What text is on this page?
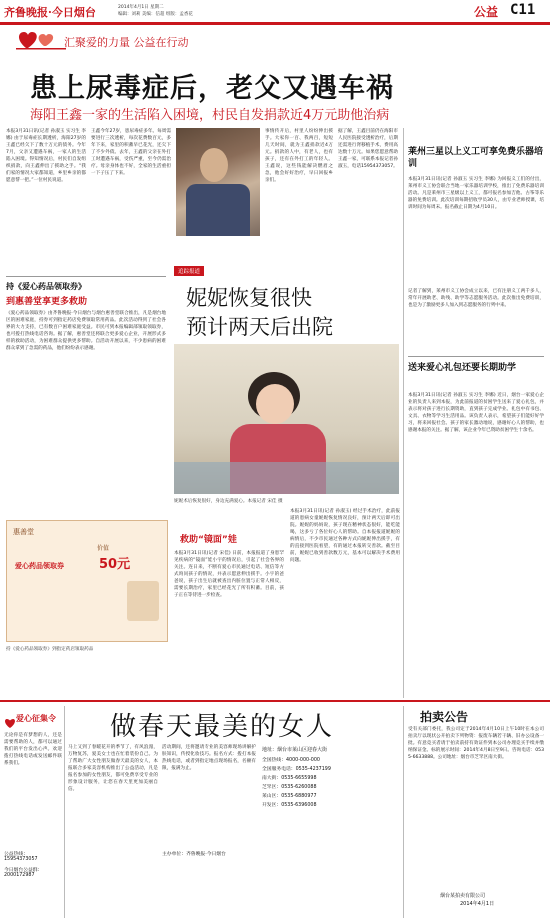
齐鲁晚报·今日烟台	2014年4月1日 星期二
编辑：刘莉 美编：信超 组版：孟香花	公益 C11
汇聚爱的力量 公益在行动
患上尿毒症后，老父又遇车祸
海阳王鑫一家的生活陷入困境，村民自发捐款近4万元助他治病
本报3月31日讯(记者 孙淑玉 实习生 李娜) 由于尿毒症长期透析，海阳27岁的王鑫已经欠下了数十万元的债务。今年7月，父亲又遭遇车祸，一家人的生活陷入困境。得知情况后，村民们自发组织捐款，向王鑫伸出了援助之手。“我们家的情况大家都知道，乡里乡亲的都愿意帮一把。”一位村民说道。
王鑫今年27岁，患尿毒症多年。每周需要进行三次透析，每次花费数百元，多年下来，家里的积蓄早已花光，还欠下了不少外债。去年，王鑫的父亲在外打工时遭遇车祸，受伤严重，至今仍需治疗。母亲身体也不好，全家的生活重担一下子压了下来。
事情传开后，村里人纷纷伸出援手。大家你一百、我两百，短短几天时间，就为王鑫捐款近4万元。捐款的人中，有老人，也有孩子，还有在外打工的年轻人。王鑫说，这些钱能解决燃眉之急，他会好好治疗，早日回报乡亲们。
据了解，王鑫目前仍在海阳市人民医院接受透析治疗，后期还需进行肾移植手术，费用高达数十万元。如果您愿意帮助王鑫一家，可联系本报记者孙淑玉，电话15954373057。
持《爱心药品领取券》
到惠善堂享更多救助
《爱心药品领取券》由齐鲁晚报·今日烟台与烟台惠善堂联合推出，凡是烟台地区的困难家庭，持券可到指定药店免费领取常用药品。此次活动得到了社会各界的大力支持，已有数百户困难家庭受益。市民可到本报编辑部领取领取券，也可拨打热线电话咨询。据了解，惠善堂还将联合更多爱心企业，开展形式多样的救助活动，为困难群众提供更多帮助。自活动开展以来，不少患病的困难群众拿到了急需的药品，他们纷纷表示感谢。
惠善堂
爱心药品领取券
价值
50元
持《爱心药品领取券》到指定药店领取药品
追踪报道
妮妮恢复很快
预计两天后出院
妮妮术后恢复很好，身边充满爱心。本报记者 宋佳 摄
本报3月31日讯(记者 孙淑玉) 经过手术治疗，此前报道的患病女童妮妮恢复情况良好，预计两天后即可出院。妮妮的妈妈说，孩子现在精神状态很好，能吃能喝，这多亏了各位好心人的帮助。自本报报道妮妮的病情后，不少市民通过各种方式向妮妮伸出援手，有的直接到医院看望，有的通过本报转交善款。截至目前，妮妮已收到善款数万元，基本可以解决手术费用问题。
救助“镜面”娃
本报3月31日讯(记者 宋佳) 日前，本报报道了身患罕见疾病的“镜面”娃小宇的情况后，引起了社会各界的关注。连日来，不断有爱心市民通过电话、短信等方式询问孩子的情况，并表示愿意伸出援手。小宇的爸爸说，孩子出生后就被查出内脏位置与正常人相反，需要长期治疗，家里已经花光了所有积蓄。目前，孩子正在等待进一步检查。
莱州三星以上义工可享免费乐器培训
本报3月31日讯(记者 孙淑玉 实习生 李娜) 为回报义工们的付出，莱州市义工协会联合当地一家乐器培训学校，推出了免费乐器培训活动。凡是莱州市三星级以上义工，都可报名参加吉他、古筝等乐器的免费培训。此次培训每期招收学员30人，由专业老师授课，培训时间为每周末。报名截止日期为4月10日。
记者了解到，莱州市义工协会成立以来，已有注册义工两千多人，常年开展助老、助残、助学等志愿服务活动。此次推出免费培训，也是为了激励更多人加入到志愿服务的行列中来。
送来爱心礼包还要长期助学
本报3月31日讯(记者 孙淑玉 实习生 李娜) 近日，烟台一家爱心企业的负责人来到本报，为此前报道的贫困学生送来了爱心礼包，并表示将对孩子进行长期资助，直到孩子完成学业。礼包中有书包、文具、衣物等学习生活用品。该负责人表示，希望孩子们能好好学习，将来回报社会。孩子的家长激动地说，感谢好心人的帮助，也感谢本报的关注。据了解，该企业今年已资助贫困学生十余名。
爱心征集令
无论你是有梦想的人，还是需要帮助的人，都可以通过我们的平台发出心声。欢迎拨打热线电话或发送邮件联系我们。
公益热线：
15954373057
今日烟台公益群：
2000172987
做春天最美的女人
马上又到了春暖花开的季节了，有风浪漫，万物复苏，爱美女士也在忙着装扮自己。为了帮助广大女性朋友做春天最美的女人，本报联合多家美容机构推出了公益活动，凡是报名参加的女性朋友，都可免费享受专业的形象设计服务，让您在春天里更加美丽自信。
活动期间，还将邀请专业的美容师现场讲解护肤知识，传授化妆技巧。报名方式：拨打本报热线电话，或者到指定地点现场报名，名额有限，报满为止。
主办单位： 齐鲁晚报·今日烟台
地址：烟台市莱山区迎春大街
全国热线：4000-000-000
全国服务电话：0535-4237199
南大街：0535-6655998
芝罘区：0535-6260088
莱山区：0535-6880977
开发区：0535-6396008
拍卖公告
受有关部门委托，我公司定于2014年4月10日上午10时在本公司拍卖厅以现状公开拍卖下列物资：报废车辆若干辆、旧办公设备一批。有意竞买者请于拍卖前持有效证件到本公司办理竞买手续并缴纳保证金。标的展示时间：2014年4月8日至9日。咨询电话：0535-6633888。公司地址：烟台市芝罘区南大街。
烟台某拍卖有限公司
2014年4月1日
